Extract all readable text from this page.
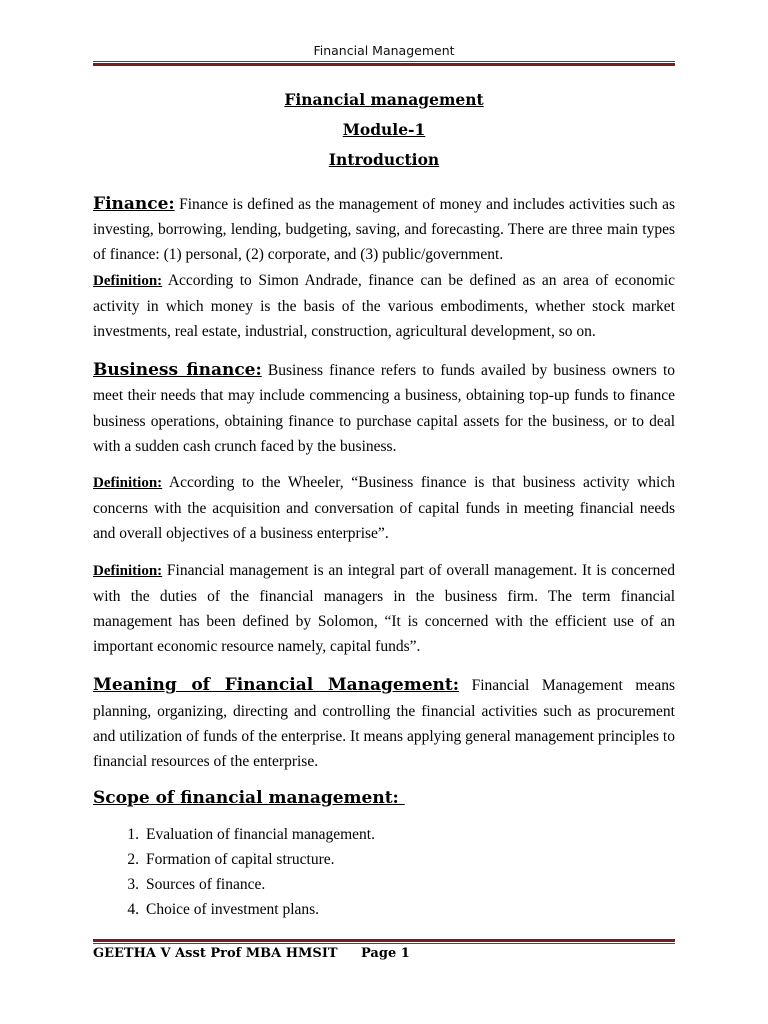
Financial Management
Financial management
Module-1
Introduction

Finance: Finance is defined as the management of money and includes activities such as investing, borrowing, lending, budgeting, saving, and forecasting. There are three main types of finance: (1) personal, (2) corporate, and (3) public/government.

Definition: According to Simon Andrade, finance can be defined as an area of economic activity in which money is the basis of the various embodiments, whether stock market investments, real estate, industrial, construction, agricultural development, so on.

Business finance: Business finance refers to funds availed by business owners to meet their needs that may include commencing a business, obtaining top-up funds to finance business operations, obtaining finance to purchase capital assets for the business, or to deal with a sudden cash crunch faced by the business.

Definition: According to the Wheeler, “Business finance is that business activity which concerns with the acquisition and conversation of capital funds in meeting financial needs and overall objectives of a business enterprise”.

Definition: Financial management is an integral part of overall management. It is concerned with the duties of the financial managers in the business firm. The term financial management has been defined by Solomon, “It is concerned with the efficient use of an important economic resource namely, capital funds”.

Meaning of Financial Management: Financial Management means planning, organizing, directing and controlling the financial activities such as procurement and utilization of funds of the enterprise. It means applying general management principles to financial resources of the enterprise.

Scope of financial management:
1. Evaluation of financial management.
2. Formation of capital structure.
3. Sources of finance.
4. Choice of investment plans.
GEETHA V Asst Prof MBA HMSIT Page 1
